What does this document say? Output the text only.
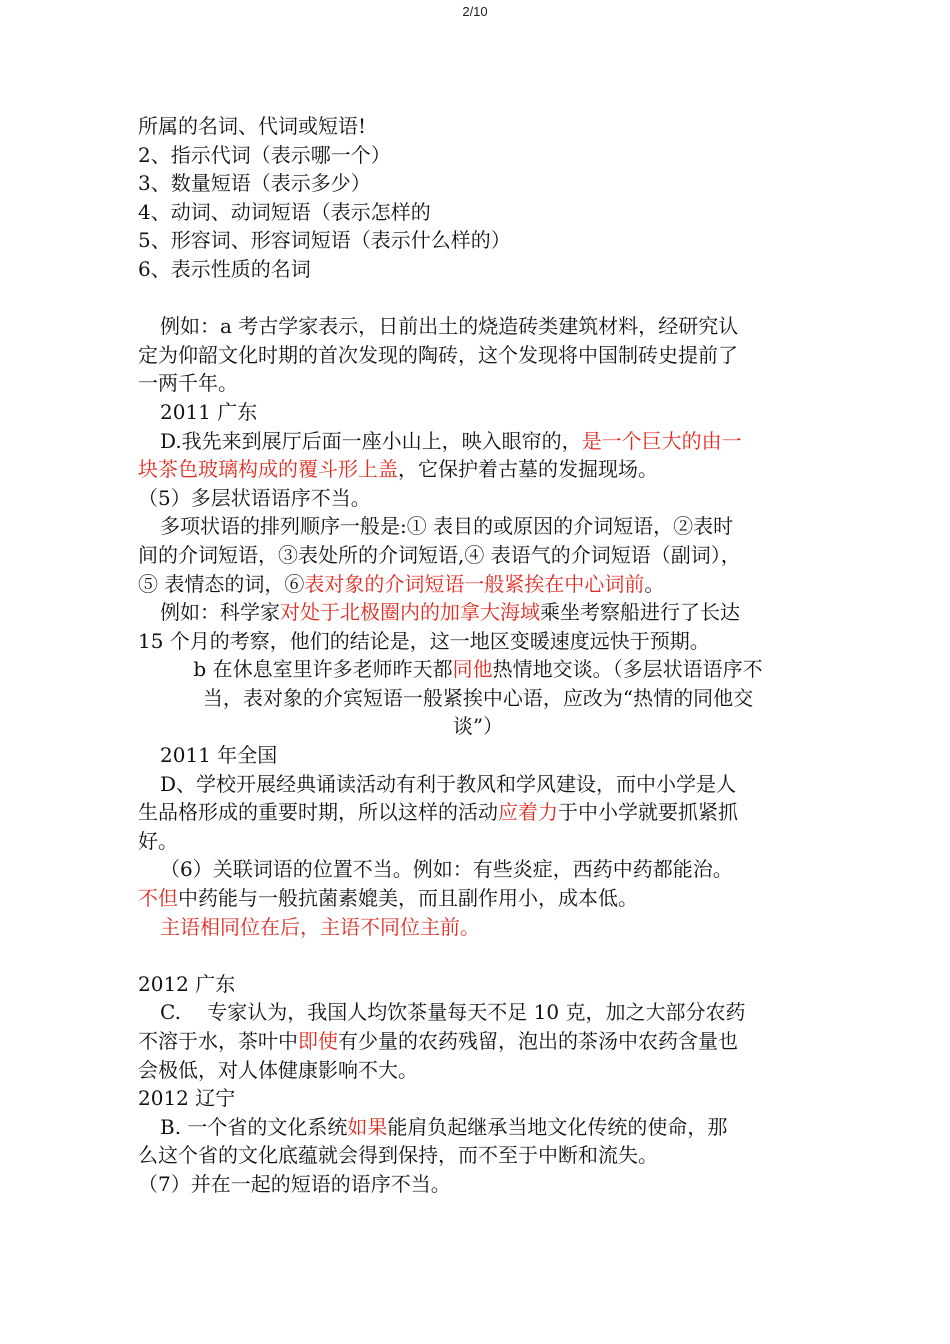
2/10
所属的名词、代词或短语!
2、指示代词（表示哪一个）
3、数量短语（表示多少）
4、动词、动词短语（表示怎样的
5、形容词、形容词短语（表示什么样的）
6、表示性质的名词
例如：a 考古学家表示，日前出土的烧造砖类建筑材料，经研究认
定为仰韶文化时期的首次发现的陶砖，这个发现将中国制砖史提前了
一两千年。
2011 广东
D.我先来到展厅后面一座小山上，映入眼帘的，是一个巨大的由一
块茶色玻璃构成的覆斗形上盖，它保护着古墓的发掘现场。
（5）多层状语语序不当。
多项状语的排列顺序一般是:① 表目的或原因的介词短语，②表时
间的介词短语，③表处所的介词短语,④ 表语气的介词短语（副词），
⑤ 表情态的词，⑥表对象的介词短语一般紧挨在中心词前。
例如：科学家对处于北极圈内的加拿大海域乘坐考察船进行了长达
15 个月的考察，他们的结论是，这一地区变暖速度远快于预期。
b 在休息室里许多老师昨天都同他热情地交谈。（多层状语语序不
当，表对象的介宾短语一般紧挨中心语，应改为“热情的同他交
谈”）
2011 年全国
D、学校开展经典诵读活动有利于教风和学风建设，而中小学是人
生品格形成的重要时期，所以这样的活动应着力于中小学就要抓紧抓
好。
（6）关联词语的位置不当。例如：有些炎症，西药中药都能治。
不但中药能与一般抗菌素媲美，而且副作用小，成本低。
主语相同位在后，主语不同位主前。
2012 广东
C.　 专家认为，我国人均饮茶量每天不足 10 克，加之大部分农药
不溶于水，茶叶中即使有少量的农药残留，泡出的茶汤中农药含量也
会极低，对人体健康影响不大。
2012 辽宁
B. 一个省的文化系统如果能肩负起继承当地文化传统的使命，那
么这个省的文化底蕴就会得到保持，而不至于中断和流失。
（7）并在一起的短语的语序不当。
